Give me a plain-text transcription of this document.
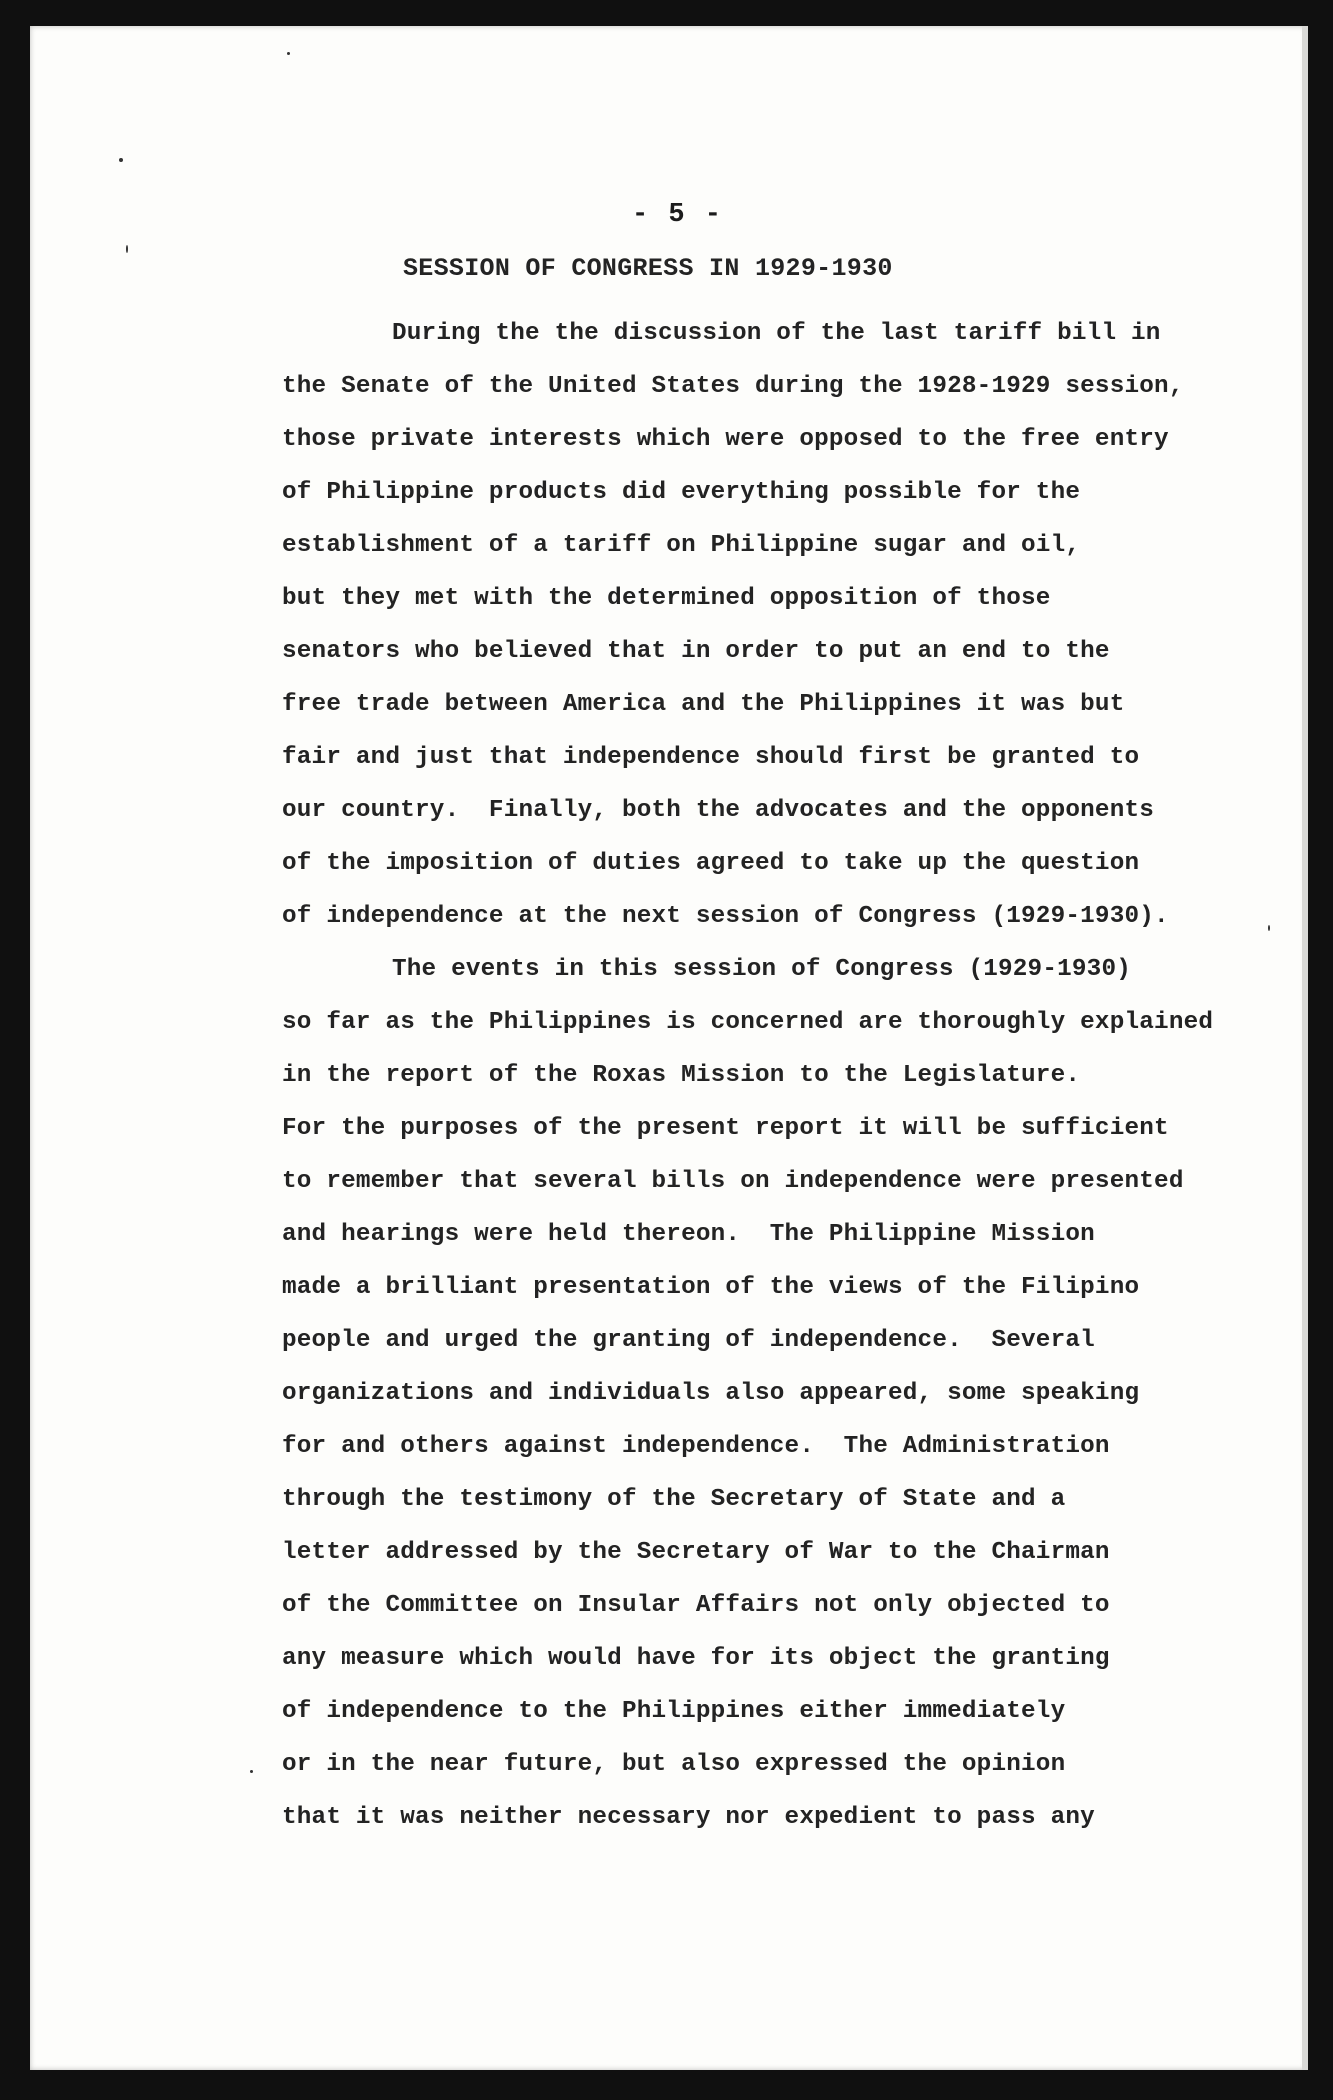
- 5 -
SESSION OF CONGRESS IN 1929-1930
During the the discussion of the last tariff bill in
the Senate of the United States during the 1928-1929 session,
those private interests which were opposed to the free entry
of Philippine products did everything possible for the
establishment of a tariff on Philippine sugar and oil,
but they met with the determined opposition of those
senators who believed that in order to put an end to the
free trade between America and the Philippines it was but
fair and just that independence should first be granted to
our country.  Finally, both the advocates and the opponents
of the imposition of duties agreed to take up the question
of independence at the next session of Congress (1929-1930).
The events in this session of Congress (1929-1930)
so far as the Philippines is concerned are thoroughly explained
in the report of the Roxas Mission to the Legislature.
For the purposes of the present report it will be sufficient
to remember that several bills on independence were presented
and hearings were held thereon.  The Philippine Mission
made a brilliant presentation of the views of the Filipino
people and urged the granting of independence.  Several
organizations and individuals also appeared, some speaking
for and others against independence.  The Administration
through the testimony of the Secretary of State and a
letter addressed by the Secretary of War to the Chairman
of the Committee on Insular Affairs not only objected to
any measure which would have for its object the granting
of independence to the Philippines either immediately
or in the near future, but also expressed the opinion
that it was neither necessary nor expedient to pass any
